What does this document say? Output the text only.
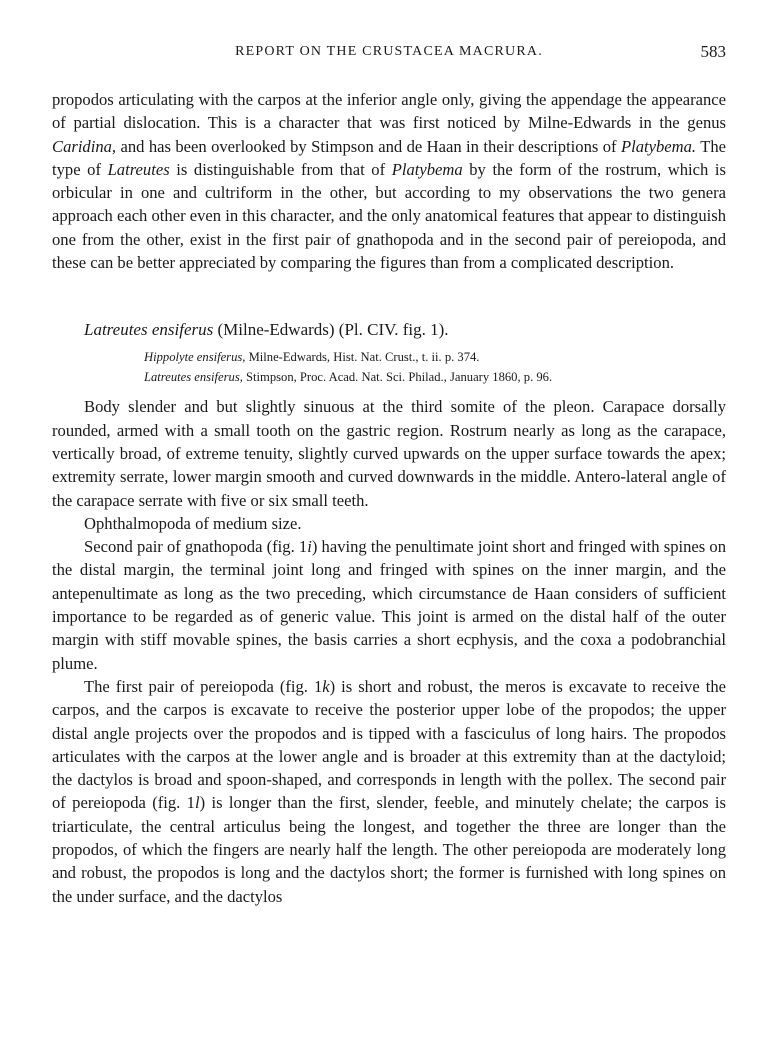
REPORT ON THE CRUSTACEA MACRURA.	583

propodos articulating with the carpos at the inferior angle only, giving the appendage the appearance of partial dislocation. This is a character that was first noticed by Milne-Edwards in the genus Caridina, and has been overlooked by Stimpson and de Haan in their descriptions of Platybema. The type of Latreutes is distinguishable from that of Platybema by the form of the rostrum, which is orbicular in one and cultriform in the other, but according to my observations the two genera approach each other even in this character, and the only anatomical features that appear to distinguish one from the other, exist in the first pair of gnathopoda and in the second pair of pereiopoda, and these can be better appreciated by comparing the figures than from a complicated description.

Latreutes ensiferus (Milne-Edwards) (Pl. CIV. fig. 1).

Hippolyte ensiferus, Milne-Edwards, Hist. Nat. Crust., t. ii. p. 374.
Latreutes ensiferus, Stimpson, Proc. Acad. Nat. Sci. Philad., January 1860, p. 96.

Body slender and but slightly sinuous at the third somite of the pleon. Carapace dorsally rounded, armed with a small tooth on the gastric region. Rostrum nearly as long as the carapace, vertically broad, of extreme tenuity, slightly curved upwards on the upper surface towards the apex; extremity serrate, lower margin smooth and curved downwards in the middle. Antero-lateral angle of the carapace serrate with five or six small teeth.

Ophthalmopoda of medium size.

Second pair of gnathopoda (fig. 1i) having the penultimate joint short and fringed with spines on the distal margin, the terminal joint long and fringed with spines on the inner margin, and the antepenultimate as long as the two preceding, which circumstance de Haan considers of sufficient importance to be regarded as of generic value. This joint is armed on the distal half of the outer margin with stiff movable spines, the basis carries a short ecphysis, and the coxa a podobranchial plume.

The first pair of pereiopoda (fig. 1k) is short and robust, the meros is excavate to receive the carpos, and the carpos is excavate to receive the posterior upper lobe of the propodos; the upper distal angle projects over the propodos and is tipped with a fasciculus of long hairs. The propodos articulates with the carpos at the lower angle and is broader at this extremity than at the dactyloid; the dactylos is broad and spoon-shaped, and corresponds in length with the pollex. The second pair of pereiopoda (fig. 1l) is longer than the first, slender, feeble, and minutely chelate; the carpos is triarticulate, the central articulus being the longest, and together the three are longer than the propodos, of which the fingers are nearly half the length. The other pereiopoda are moderately long and robust, the propodos is long and the dactylos short; the former is furnished with long spines on the under surface, and the dactylos
